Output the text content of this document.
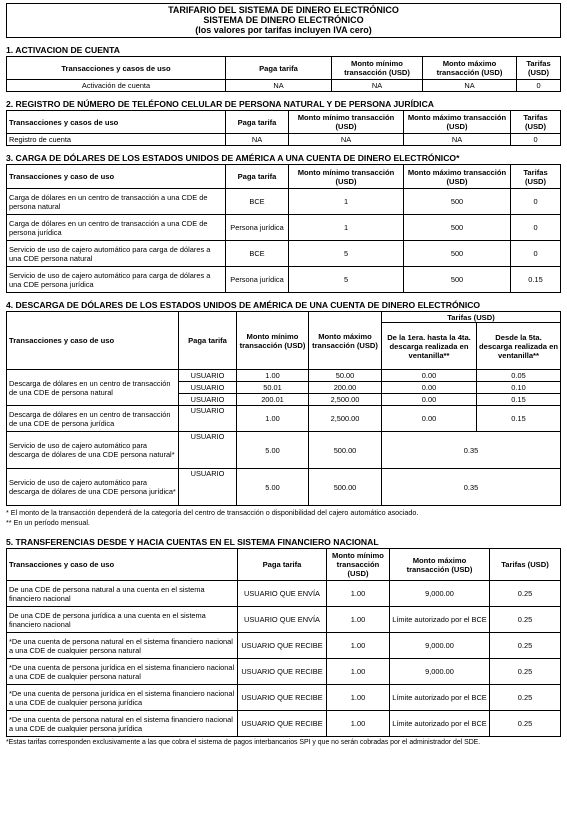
TARIFARIO DEL SISTEMA DE DINERO ELECTRÓNICO
SISTEMA DE DINERO ELECTRÓNICO
(los valores por tarifas incluyen IVA cero)
1. ACTIVACION DE CUENTA
Transacciones y casos de uso	Paga tarifa	Monto mínimo transacción (USD)	Monto máximo transacción (USD)	Tarifas (USD)
Activación de cuenta	NA	NA	NA	0
2. REGISTRO DE NÚMERO DE TELÉFONO CELULAR DE PERSONA NATURAL Y DE PERSONA JURÍDICA
Transacciones y casos de uso	Paga tarifa	Monto mínimo transacción (USD)	Monto máximo transacción (USD)	Tarifas (USD)
Registro de cuenta	NA	NA	NA	0
3. CARGA DE DÓLARES DE LOS ESTADOS UNIDOS DE AMÉRICA A UNA CUENTA DE DINERO ELECTRÓNICO*
Transacciones y caso de uso	Paga tarifa	Monto mínimo transacción (USD)	Monto máximo transacción (USD)	Tarifas (USD)
Carga de dólares en un centro de transacción a una CDE de persona natural	BCE	1	500	0
Carga de dólares en un centro de transacción a una CDE de persona jurídica	Persona jurídica	1	500	0
Servicio de uso de cajero automático para carga de dólares a una CDE persona natural	BCE	5	500	0
Servicio de uso de cajero automático para carga de dólares a una CDE persona jurídica	Persona jurídica	5	500	0.15
4. DESCARGA DE DÓLARES DE LOS ESTADOS UNIDOS DE AMÉRICA DE UNA CUENTA DE DINERO ELECTRÓNICO
Transacciones y caso de uso	Paga tarifa	Monto mínimo transacción (USD)	Monto máximo transacción (USD)	Tarifas (USD)	
				De la 1era. hasta la 4ta. descarga realizada en ventanilla**	Desde la 5ta. descarga realizada en ventanilla**
Descarga de dólares en un centro de transacción de una CDE de persona natural	USUARIO	1.00	50.00	0.00	0.05
	USUARIO	50.01	200.00	0.00	0.10
	USUARIO	200.01	2,500.00	0.00	0.15
Descarga de dólares en un centro de transacción de una CDE de persona jurídica	USUARIO	1.00	2,500.00	0.00	0.15
Servicio de uso de cajero automático para descarga de dólares de una CDE persona natural*	USUARIO	5.00	500.00	0.35	
Servicio de uso de cajero automático para descarga de dólares de una CDE persona jurídica*	USUARIO	5.00	500.00	0.35	
* El monto de la transacción dependerá de la categoría del centro de transacción o disponibilidad del cajero automático asociado.
** En un período mensual.
5. TRANSFERENCIAS DESDE Y HACIA CUENTAS EN EL SISTEMA FINANCIERO NACIONAL
Transacciones y caso de uso	Paga tarifa	Monto mínimo transacción (USD)	Monto máximo transacción (USD)	Tarifas (USD)
De una CDE de persona natural a una cuenta en el sistema financiero nacional	USUARIO QUE ENVÍA	1.00	9,000.00	0.25
De una CDE de persona jurídica a una cuenta en el sistema financiero nacional	USUARIO QUE ENVÍA	1.00	Límite autorizado por el BCE	0.25
*De una cuenta de persona natural en el sistema financiero nacional a una CDE de cualquier persona natural	USUARIO QUE RECIBE	1.00	9,000.00	0.25
*De una cuenta de persona jurídica en el sistema financiero nacional a una CDE de cualquier persona natural	USUARIO QUE RECIBE	1.00	9,000.00	0.25
*De una cuenta de persona jurídica en el sistema financiero nacional a una CDE de cualquier persona jurídica	USUARIO QUE RECIBE	1.00	Límite autorizado por el BCE	0.25
*De una cuenta de persona natural en el sistema financiero nacional a una CDE de cualquier persona jurídica	USUARIO QUE RECIBE	1.00	Límite autorizado por el BCE	0.25
*Estas tarifas corresponden exclusivamente a las que cobra el sistema de pagos interbancarios SPI y que no serán cobradas por el administrador del SDE.
